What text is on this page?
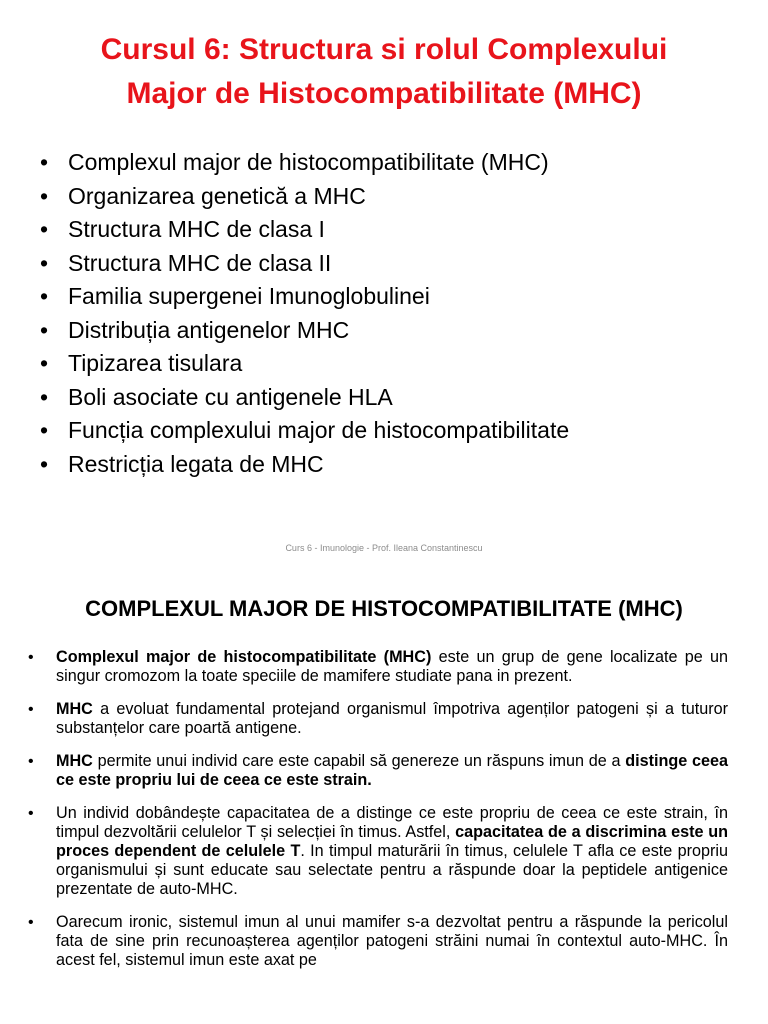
Cursul 6: Structura si rolul Complexului
Major de Histocompatibilitate (MHC)
• Complexul major de histocompatibilitate (MHC)
• Organizarea genetică a MHC
• Structura MHC de clasa I
• Structura MHC de clasa II
• Familia supergenei Imunoglobulinei
• Distribuția antigenelor MHC
• Tipizarea tisulara
• Boli asociate cu antigenele HLA
• Funcția complexului major de histocompatibilitate
• Restricția legata de MHC
Curs 6 - Imunologie - Prof. Ileana Constantinescu
COMPLEXUL MAJOR DE HISTOCOMPATIBILITATE (MHC)
•	Complexul major de histocompatibilitate (MHC) este un grup de gene localizate pe un singur cromozom la toate speciile de mamifere studiate pana in prezent.
•	MHC a evoluat fundamental protejand organismul împotriva agenților patogeni și a tuturor substanțelor care poartă antigene.
•	MHC permite unui individ care este capabil să genereze un răspuns imun de a distinge ceea ce este propriu lui de ceea ce este strain.
•	Un individ dobândește capacitatea de a distinge ce este propriu de ceea ce este strain, în timpul dezvoltării celulelor T și selecției în timus. Astfel, capacitatea de a discrimina este un proces dependent de celulele T. In timpul maturării în timus, celulele T afla ce este propriu organismului și sunt educate sau selectate pentru a răspunde doar la peptidele antigenice prezentate de auto-MHC.
•	Oarecum ironic, sistemul imun al unui mamifer s-a dezvoltat pentru a răspunde la pericolul fata de sine prin recunoașterea agenților patogeni străini numai în contextul auto-MHC. În acest fel, sistemul imun este axat pe
